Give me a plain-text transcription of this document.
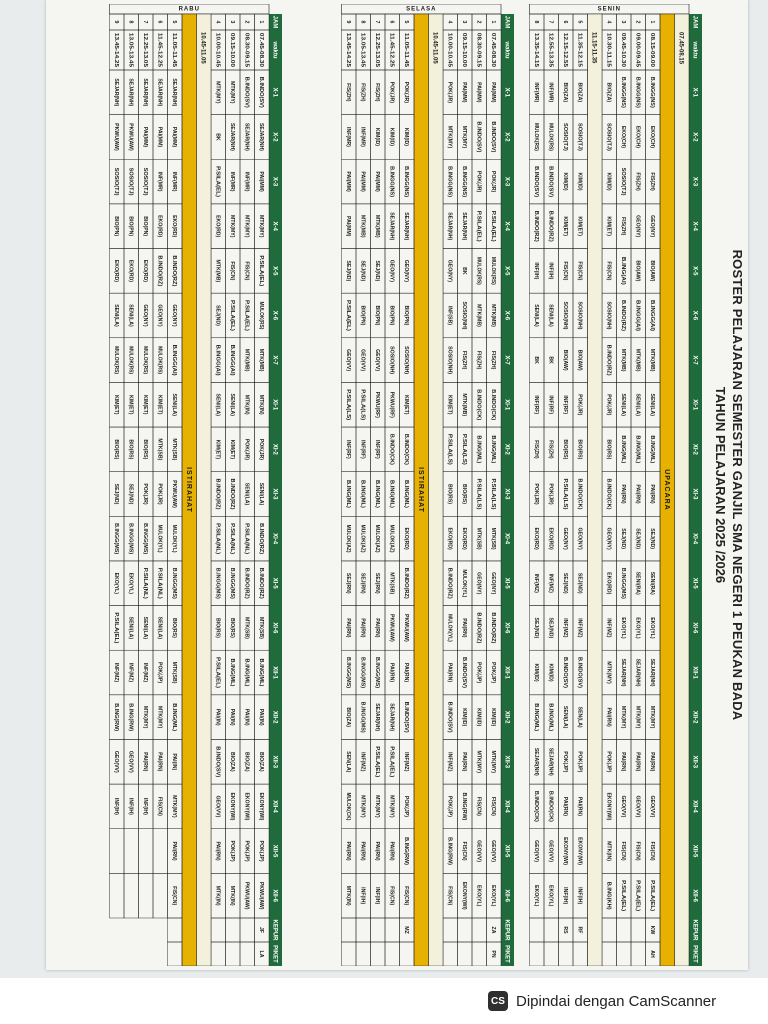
ROSTER PELAJARAN SEMESTER GANJIL SMA NEGERI 1 PEUKAN BADA
TAHUN PELAJARAN 2025 /2026
SENIN
JAM
waktu
X-1
X-2
X-3
X-4
X-5
X-6
X-7
XI-1
XI-2
XI-3
XI-4
XI-5
XI-6
XII-1
XII-2
XII-3
XII-4
XII-5
XII-6
KEPUR
PIKET
07.45-08.15
UPACARA
1
08.15-09.00
B.INGG(NS)
EKO(CH)
FIS(ZH)
GEO(NY)
BIO(AW)
B.INGG(AI)
MTK(MB)
SENI(LA)
B.ING(ML)
PAI(RN)
SEJ(ND)
SENI(RA)
EKO(YL)
SEJAR(NH)
MTK(MY)
PAI(RN)
GEO(VV)
FIS(CN)
P.SILA(EL)
KW
AH
2
09.00-09.45
B.INGG(NS)
EKO(CH)
FIS(ZH)
GEO(NY)
BIO(AW)
B.INGG(AI)
MTK(MB)
SENI(LA)
B.ING(ML)
PAI(RN)
SEJ(ND)
SENI(RA)
EKO(YL)
SEJAR(NH)
MTK(MY)
PAI(RN)
GEO(VV)
FIS(CN)
P.SILA(EL)
3
09.45-10.30
B.INGG(NS)
EKO(CH)
SOSIO(TJ)
FIS(ZH)
B.ING(AI)
B.INDO(RZ)
MTK(MB)
SENI(LA)
B.ING(ML)
PAI(RN)
SEJ(ND)
B.INGG(MS)
EKO(YL)
SEJAR(NH)
MTK(MY)
PAI(RN)
GEO(VV)
FIS(CN)
P.SILA(EL)
4
10.30-11.15
BIO(ZA)
SOSIO(TJ)
KIM(ID)
KIM(ET)
FIS(CN)
SOSIO(NH)
B.INDO(RZ)
POK(JR)
BIO(RS)
B.INDO(CK)
GEO(NY)
EKO(RD)
INF(MZ)
MTK(MY)
PAI(RN)
POK(JP)
EKONY(WI)
MTK(IN)
B.ING(KH)
11.15-11.35
5
11.35-12.15
BIO(ZA)
SOSIO(TJ)
KIM(ID)
KIM(ET)
FIS(CN)
SOSIO(NH)
BIO(AW)
POK(JR)
BIO(RS)
B.INDO(CK)
GEO(NY)
SEJ(ND)
INF(MZ)
B.INDO(SV)
SEN(LA)
POK(JP)
PAI(RN)
EKONY(WI)
INF(IH)
RF
6
12.15-12.55
BIO(ZA)
SOSIO(TJ)
KIM(ID)
KIM(ET)
FIS(CN)
SOSIO(NH)
BIO(AW)
INF(RF)
BIO(RS)
P.SILA(LS)
GEO(NY)
SEJ(ND)
INF(MZ)
B.INDO(SV)
SENI(LA)
POK(JP)
PAI(RN)
EKONY(WI)
INF(IH)
RS
7
12.55-13.35
INF(MR)
MULOK(RS)
B.INDO(SV)
B.INDO(RZ)
INF(IH)
SENI(LA)
BK
INF(RF)
FIS(ZH)
POK(JR)
EKO(RD)
INF(MZ)
SEJ(ND)
KIM(ID)
B.ING(ML)
SEJAR(NH)
B.INDO(CK)
GEO(VV)
EKO(YL)
8
13.35-14.15
INF(MR)
MULOK(RS)
B.INDO(SV)
B.INDO(RZ)
INF(IH)
SENI(LA)
BK
INF(RF)
FIS(ZH)
POK(JR)
EKO(RD)
INF(MZ)
SEJ(ND)
KIM(ID)
B.ING(ML)
SEJAR(NH)
B.INDO(CK)
GEO(VV)
EKO(YL)
SELASA
JAM
waktu
X-1
X-2
X-3
X-4
X-5
X-6
X-7
XI-1
XI-2
XI-3
XI-4
XI-5
XI-6
XII-1
XII-2
XII-3
XII-4
XII-5
XII-6
KEPUR
PIKET
1
07.45-08.30
PAI(MM)
B.INDO(SV)
POK(JR)
P.SILA(EL)
MULOK(RS)
MTK(MB)
FIS(ZH)
B.INDO(CK)
B.ING(ML)
P.SILA(LS)
MTK(SB)
GEO(NY)
B.INDO(RZ)
POK(JP)
KIM(ID)
MTK(MY)
FIS(CN)
GEO(VV)
EKO(YL)
ZA
PN
2
08.30-09.15
PAI(MM)
B.INDO(SV)
POK(JR)
P.SILA(EL)
MULOK(RS)
MTK(MB)
FIS(ZH)
B.INDO(CK)
B.ING(ML)
P.SILA(LS)
MTK(SB)
GEO(NY)
B.INDO(RZ)
POK(JP)
KIM(ID)
MTK(MY)
FIS(CN)
GEO(VV)
EKO(YL)
3
09.15-10.00
PAI(MM)
MTK(MY)
B.INGG(NS)
SEJAR(NH)
BK
SOSIO(NH)
FIS(ZH)
MTK(MB)
P.SILA(LS)
BIO(RS)
EKO(RD)
MULOK(YL)
PAI(RN)
B.INDO(SV)
KIM(ID)
PAI(RN)
B.ING(RW)
FIS(CN)
EKONY(WI)
4
10.00-10.45
POK(JR)
MTK(MY)
B.INGG(NS)
SEJAR(NH)
GEO(NY)
INF(SB)
SOSIO(NH)
KIM(ET)
P.SILA(LS)
BIO(RS)
EKO(RD)
B.INDO(RZ)
MULOK(YL)
PAI(RN)
B.INDO(SV)
INF(MZ)
POK(JP)
B.ING(RW)
FIS(CN)
10.45-11.05
ISTIRAHAT
5
11.05-11.45
POK(JR)
KIM(ID)
B.INGG(NS)
SEJAR(NH)
GEO(NY)
BIO(PN)
SOSIO(NH)
KIM(ET)
B.INDO(CK)
B.ING(ML)
EKO(RD)
B.INDO(RZ)
PKWU(AW)
PAI(RN)
B.INDO(SV)
INF(MZ)
POK(JP)
B.ING(RW)
FIS(CN)
MZ
6
11.45-12.25
POK(JR)
KIM(ID)
B.INGG(NS)
SEJAR(NH)
GEO(NY)
BIO(PN)
SOSIO(NH)
PKWU(RF)
B.INDO(CK)
B.ING(ML)
MULOK(AZ)
MTK(SB)
PKWU(AW)
PAI(RN)
SEJAR(NH)
P.SILA(EL)
MTK(MY)
PAI(RN)
FIS(CN)
7
12.25-13.05
FIS(ZH)
KIM(ID)
PAI(MM)
MTK(MB)
SEJ(ND)
BIO(PN)
GEO(VV)
PKWU(RF)
INF(RF)
B.ING(ML)
MULOK(AZ)
SEJ(RN)
PAI(RN)
B.INGG(MS)
SEJAR(NH)
P.SILA(EL)
MTK(MY)
PAI(RN)
INF(IH)
8
13.05-13.45
FIS(ZH)
INF(MR)
PAI(MM)
MTK(MB)
SEJ(ND)
BIO(PN)
GEO(VV)
P.SILA(LS)
INF(RF)
B.ING(ML)
MULOK(AZ)
SEJ(RN)
PAI(RN)
B.INGG(MS)
B.INGG(MS)
INF(MZ)
MTK(MY)
PAI(RN)
INF(IH)
9
13.45-14.25
FIS(ZH)
INF(MR)
PAI(MM)
PAI(MM)
SEJ(ND)
P.SILA(EL)
GEO(VV)
P.SILA(LS)
INF(RF)
B.ING(ML)
MULOK(AZ)
SEJ(RN)
PAI(RN)
B.INGG(MS)
BIO(ZA)
SEN(LA)
MULOK(CK)
PAI(RN)
MTK(IN)
RABU
JAM
waktu
X-1
X-2
X-3
X-4
X-5
X-6
X-7
XI-1
XI-2
XI-3
XI-4
XI-5
XI-6
XII-1
XII-2
XII-3
XII-4
XII-5
XII-6
KEPUR
PIKET
1
07.45-08.30
B.INDO(SV)
SEJAR(NH)
PAI(MM)
MTK(MY)
P.SILA(EL)
MULOK(RS)
MTK(MB)
MTK(IN)
POK(JR)
SENI(LA)
B.INDO(RZ)
B.INDO(RZ)
MTK(SB)
B.ING(ML)
PAI(IN)
BIO(ZA)
EKONY(WI)
POK(JP)
PKWU(AW)
JF
LA
2
08.30-09.15
B.INDO(SV)
SEJAR(NH)
INF(MR)
MTK(MY)
FIS(CN)
P.SILA(EL)
MTK(MB)
MTK(IN)
POK(JR)
SENI(LA)
P.SILA(NL)
B.INDO(RZ)
MTK(SB)
B.ING(ML)
PAI(IN)
BIO(ZA)
EKONY(WI)
POK(JP)
PKWU(AW)
3
09.15-10.00
MTK(MY)
SEJAR(NH)
INF(MR)
MTK(MY)
FIS(CN)
P.SILA(EL)
B.INGG(AI)
SENI(LA)
KIM(ET)
B.INDO(RZ)
P.SILA(NL)
B.INGG(MS)
BIO(RS)
B.ING(ML)
PAI(IN)
BIO(ZA)
EKONY(WI)
POK(JP)
MTK(IN)
4
10.00-10.45
MTK(MY)
BK
P.SILA(EL)
EKO(RD)
MTK(MB)
SEJ(ND)
B.INGG(AI)
SENI(LA)
KIM(ET)
B.INDO(RZ)
P.SILA(NL)
B.INGG(MS)
BIO(RS)
P.SILA(EL)
PAI(IN)
B.INDO(SV)
GEO(VV)
PAI(RN)
MTK(IN)
10.45-11.05
ISTIRAHAT
5
11.05-11.45
SEJAR(NH)
PAI(MM)
INF(MR)
EKO(RD)
B.INDO(RZ)
GEO(NY)
B.INGG(AI)
SENI(LA)
MTK(SB)
PKWU(AW)
MULOK(YL)
B.INGG(MS)
BIO(RS)
MTK(SB)
B.ING(ML)
PAI(IN)
MTK(MY)
PAI(RN)
FIS(CN)
6
11.45-12.25
SEJAR(NH)
PAI(MM)
INF(MR)
EKO(RD)
B.INDO(RZ)
GEO(NY)
MULOK(RS)
KIM(ET)
MTK(SB)
POK(JR)
MULOK(YL)
P.SILA(NL)
SENI(LA)
POK(JP)
MTK(MY)
PAI(RN)
FIS(CN)
7
12.25-13.05
SEJAR(NH)
PAI(MM)
SOSIO(TJ)
BIO(PN)
EKO(RD)
GEO(NY)
MULOK(RS)
KIM(ET)
BIO(RS)
POK(JR)
B.INGG(MS)
P.SILA(NL)
SENI(LA)
INF(MZ)
MTK(MY)
PAI(RN)
INF(IH)
8
13.05-13.45
SEJAR(NH)
PKWU(AW)
SOSIO(TJ)
BIO(PN)
EKO(RD)
SENI(LA)
MULOK(RS)
KIM(ET)
BIO(RS)
SEJ(ND)
B.INGG(MS)
EKO(YL)
SENI(LA)
INF(MZ)
B.ING(RW)
GEO(VV)
INF(IH)
9
13.45-14.25
SEJAR(NH)
PKWU(AW)
SOSIO(TJ)
BIO(PN)
EKO(RD)
SENI(LA)
MULOK(RS)
KIM(ET)
BIO(RS)
SEJ(ND)
B.INGG(MS)
EKO(YL)
P.SILA(EL)
INF(MZ)
B.ING(RW)
GEO(VV)
INF(IH)
CS Dipindai dengan CamScanner
